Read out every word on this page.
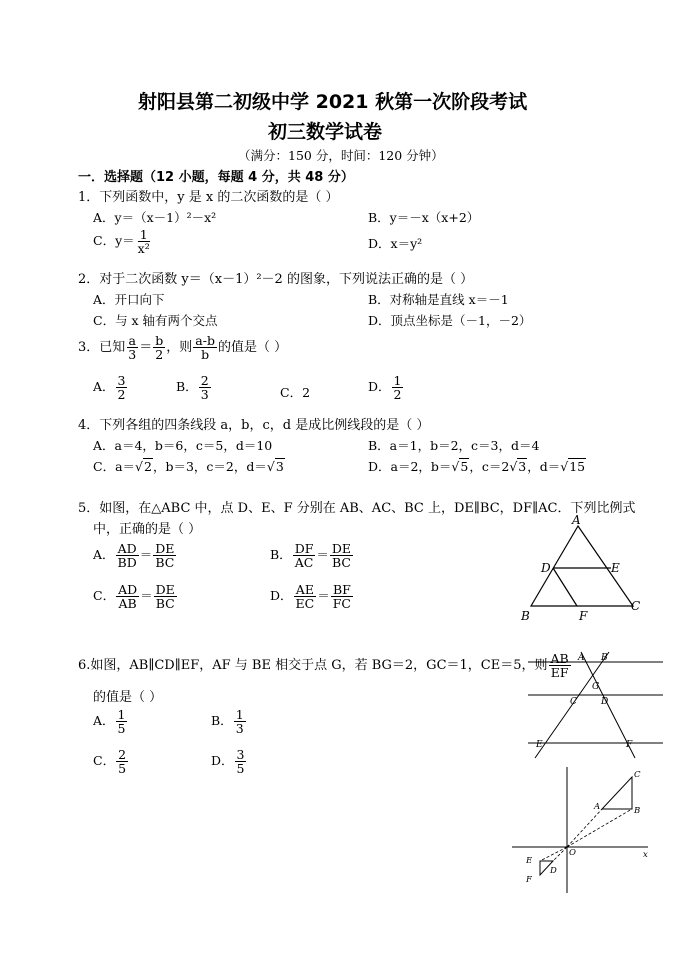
射阳县第二初级中学 2021 秋第一次阶段考试
初三数学试卷
（满分：150 分，时间：120 分钟）
一．选择题（12 小题，每题 4 分，共 48 分）
1．下列函数中，y 是 x 的二次函数的是（ ）
A．y＝（x－1）²－x²	B．y＝－x（x+2）
C．$y= \frac{1}{\text{x²}}$	D．x＝y²
2．对于二次函数 y＝（x－1）²－2 的图象，下列说法正确的是（ ）
A．开口向下	B．对称轴是直线 x＝－1
C．与 x 轴有两个交点	D．顶点坐标是（－1，－2）
3．已知 $\frac{a}{3} = \frac{b}{2}$ ，则 $\frac{a-b}{b}$ 的值是（ ）
A． $\frac{3}{2}$	B． $\frac{2}{3}$	C．2	D． $\frac{1}{2}$
4．下列各组的四条线段 a，b，c，d 是成比例线段的是（ ）
A．a＝4，b＝6，c＝5，d＝10	B．a＝1，b＝2，c＝3，d＝4
C．a＝√2，b＝3，c＝2，d＝√3	D．a＝2，b＝√5，c＝2√3，d＝√15
5．如图，在△ABC 中，点 D、E、F 分别在 AB、AC、BC 上，DE∥BC，DF∥AC．下列比例式
中，正确的是（ ）
A． $\frac{AD}{BD} = \frac{DE}{BC}$	B． $\frac{DF}{AC} = \frac{DE}{BC}$
C． $\frac{AD}{AB} = \frac{DE}{BC}$	D． $\frac{AE}{EC} = \frac{BF}{FC}$
A
D	E
B	F
C
6.如图，AB∥CD∥EF，AF 与 BE 相交于点 G，若 BG＝2，GC＝1，CE＝5，则 $\frac{AB}{EF}$
的值是（ ）
A． $\frac{1}{5}$	B． $\frac{1}{3}$
C． $\frac{2}{5}$	D． $\frac{3}{5}$
A B
G
C	D
E	F
A	B
C
O	x
E
D
F
